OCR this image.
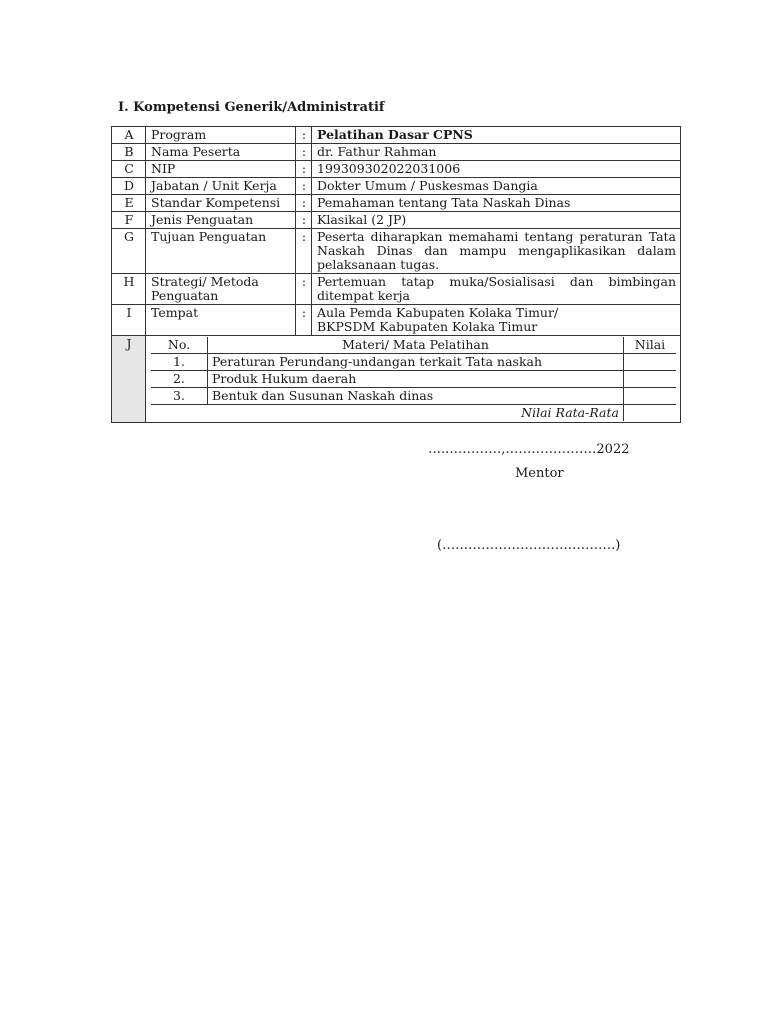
I. Kompetensi Generik/Administratif
A	Program	:	Pelatihan Dasar CPNS
B	Nama Peserta	:	dr. Fathur Rahman
C	NIP	:	199309302022031006
D	Jabatan / Unit Kerja	:	Dokter Umum / Puskesmas Dangia
E	Standar Kompetensi	:	Pemahaman tentang Tata Naskah Dinas
F	Jenis Penguatan	:	Klasikal (2 JP)
G	Tujuan Penguatan	:	Peserta diharapkan memahami tentang peraturan Tata Naskah Dinas dan mampu mengaplikasikan dalam pelaksanaan tugas.
H	Strategi/ Metoda Penguatan	:	Pertemuan tatap muka/Sosialisasi dan bimbingan ditempat kerja
I	Tempat	:	Aula Pemda Kabupaten Kolaka Timur/
BKPSDM Kabupaten Kolaka Timur

J		No.	Materi/ Mata Pelatihan	Nilai
1.	Peraturan Perundang-undangan terkait Tata naskah	
2.	Produk Hukum daerah	
3.	Bentuk dan Susunan Naskah dinas	
Nilai Rata-Rata	
…..…………,…………………2022
Mentor
(………………………………….)
